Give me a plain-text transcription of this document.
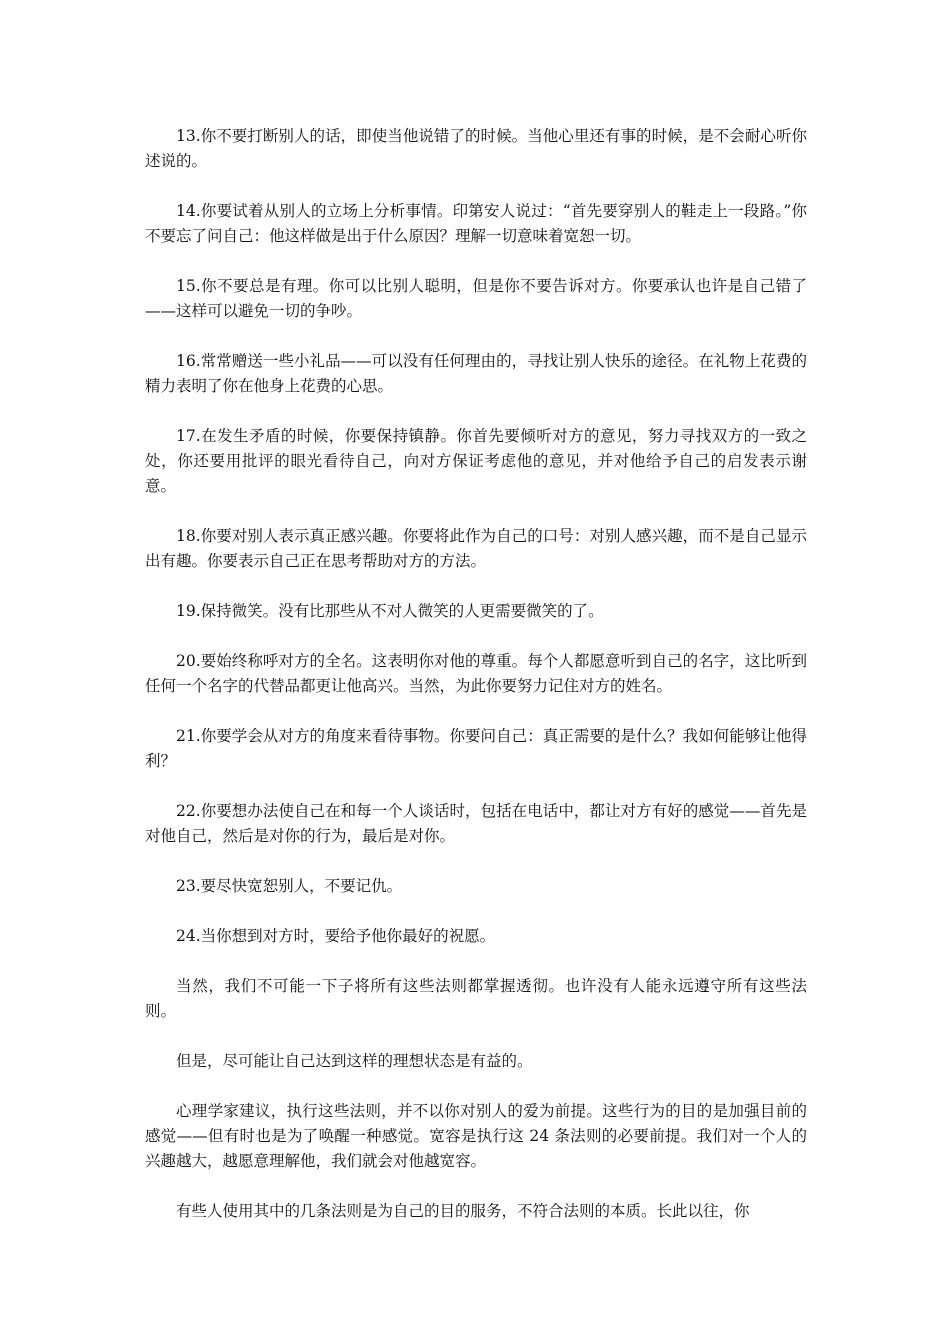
13.你不要打断别人的话，即使当他说错了的时候。当他心里还有事的时候，是不会耐心听你述说的。

14.你要试着从别人的立场上分析事情。印第安人说过：“首先要穿别人的鞋走上一段路。”你不要忘了问自己：他这样做是出于什么原因？理解一切意味着宽恕一切。

15.你不要总是有理。你可以比别人聪明，但是你不要告诉对方。你要承认也许是自己错了——这样可以避免一切的争吵。

16.常常赠送一些小礼品——可以没有任何理由的，寻找让别人快乐的途径。在礼物上花费的精力表明了你在他身上花费的心思。

17.在发生矛盾的时候，你要保持镇静。你首先要倾听对方的意见，努力寻找双方的一致之处，你还要用批评的眼光看待自己，向对方保证考虑他的意见，并对他给予自己的启发表示谢意。

18.你要对别人表示真正感兴趣。你要将此作为自己的口号：对别人感兴趣，而不是自己显示出有趣。你要表示自己正在思考帮助对方的方法。

19.保持微笑。没有比那些从不对人微笑的人更需要微笑的了。

20.要始终称呼对方的全名。这表明你对他的尊重。每个人都愿意听到自己的名字，这比听到任何一个名字的代替品都更让他高兴。当然，为此你要努力记住对方的姓名。

21.你要学会从对方的角度来看待事物。你要问自己：真正需要的是什么？我如何能够让他得利？

22.你要想办法使自己在和每一个人谈话时，包括在电话中，都让对方有好的感觉——首先是对他自己，然后是对你的行为，最后是对你。

23.要尽快宽恕别人，不要记仇。

24.当你想到对方时，要给予他你最好的祝愿。

当然，我们不可能一下子将所有这些法则都掌握透彻。也许没有人能永远遵守所有这些法则。

但是，尽可能让自己达到这样的理想状态是有益的。

心理学家建议，执行这些法则，并不以你对别人的爱为前提。这些行为的目的是加强目前的感觉——但有时也是为了唤醒一种感觉。宽容是执行这 24 条法则的必要前提。我们对一个人的兴趣越大，越愿意理解他，我们就会对他越宽容。

有些人使用其中的几条法则是为自己的目的服务，不符合法则的本质。长此以往，你
